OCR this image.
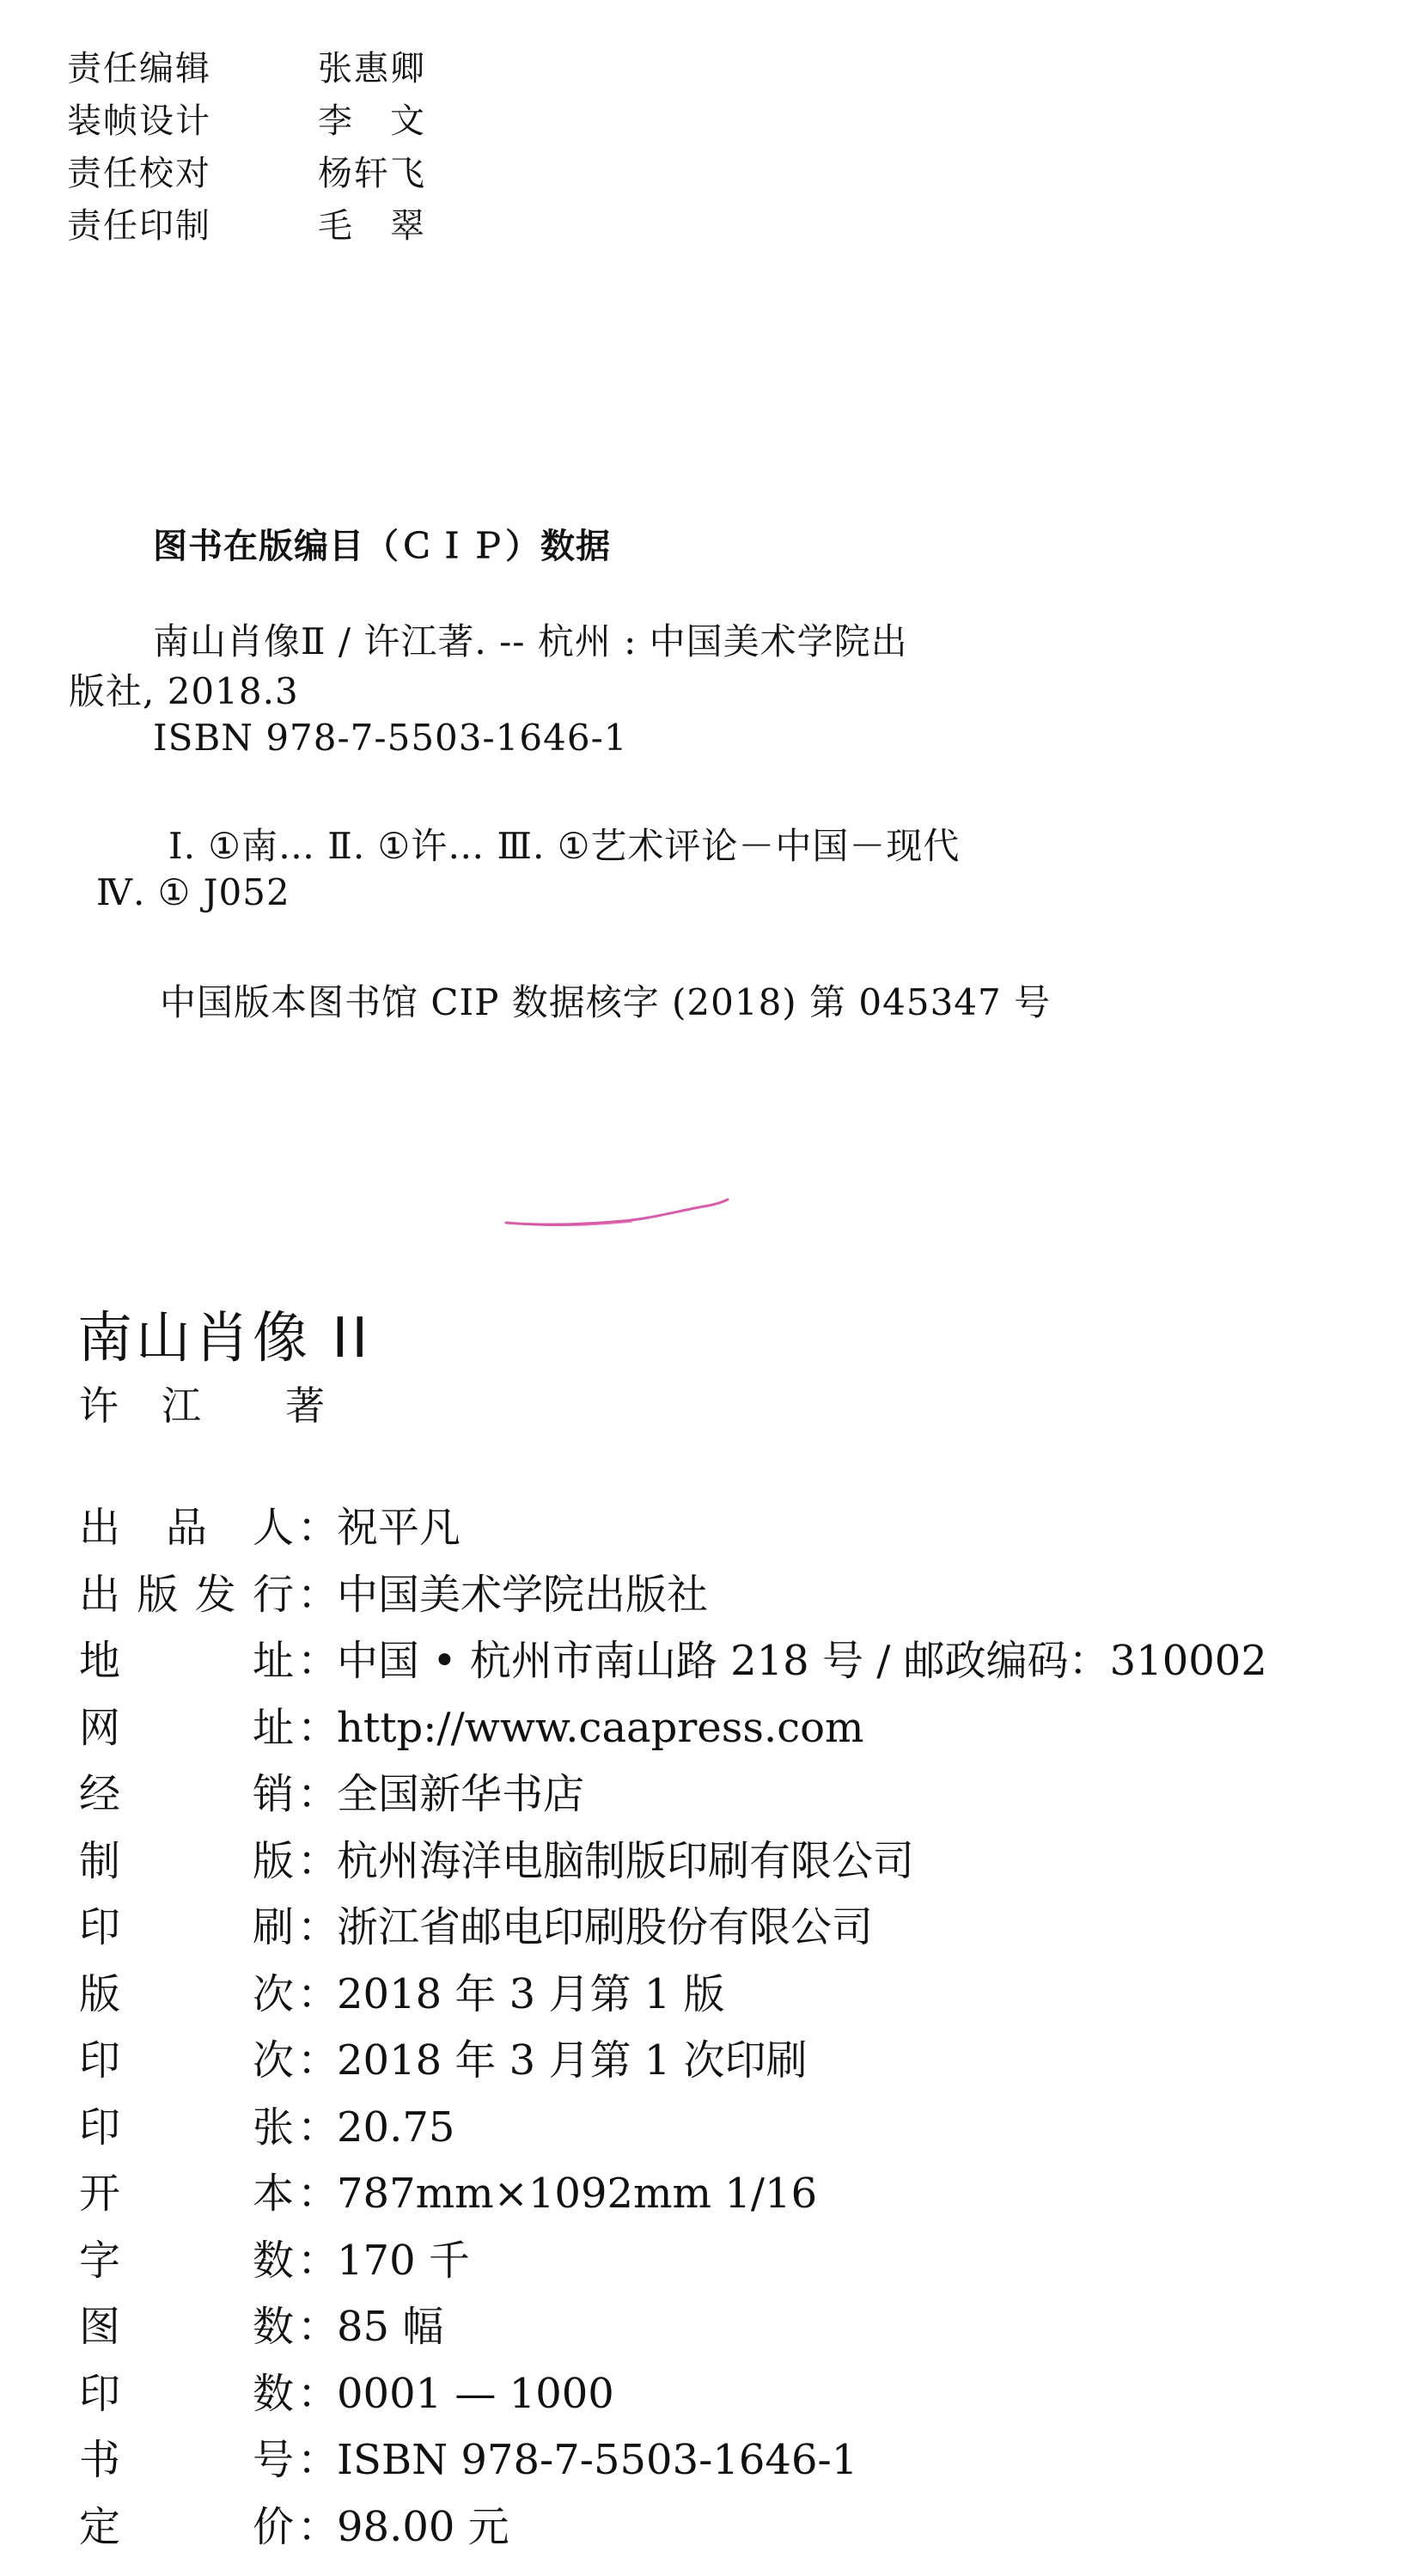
责任编辑	张惠卿
装帧设计	李　文
责任校对	杨轩飞
责任印制	毛　翠
图书在版编目（ＣＩＰ）数据
南山肖像Ⅱ / 许江著. -- 杭州 : 中国美术学院出
版社, 2018.3
ISBN 978-7-5503-1646-1
Ⅰ. ①南… Ⅱ. ①许… Ⅲ. ①艺术评论－中国－现代
Ⅳ. ① J052
中国版本图书馆 CIP 数据核字 (2018) 第 045347 号
南山肖像 II
许　江　　著
出 品 人 ：
祝平凡
出 版 发 行 ：
中国美术学院出版社
地	址 ：
中国 • 杭州市南山路 218 号 / 邮政编码：310002
网	址 ：
http://www.caapress.com
经	销 ：
全国新华书店
制	版 ：
杭州海洋电脑制版印刷有限公司
印	刷 ：
浙江省邮电印刷股份有限公司
版	次 ：
2018 年 3 月第 1 版
印	次 ：
2018 年 3 月第 1 次印刷
印	张 ：
20.75
开	本 ：
787mm×1092mm 1/16
字	数 ：
170 千
图	数 ：
85 幅
印	数 ：
0001 — 1000
书	号 ：
ISBN 978-7-5503-1646-1
定	价 ：
98.00 元
